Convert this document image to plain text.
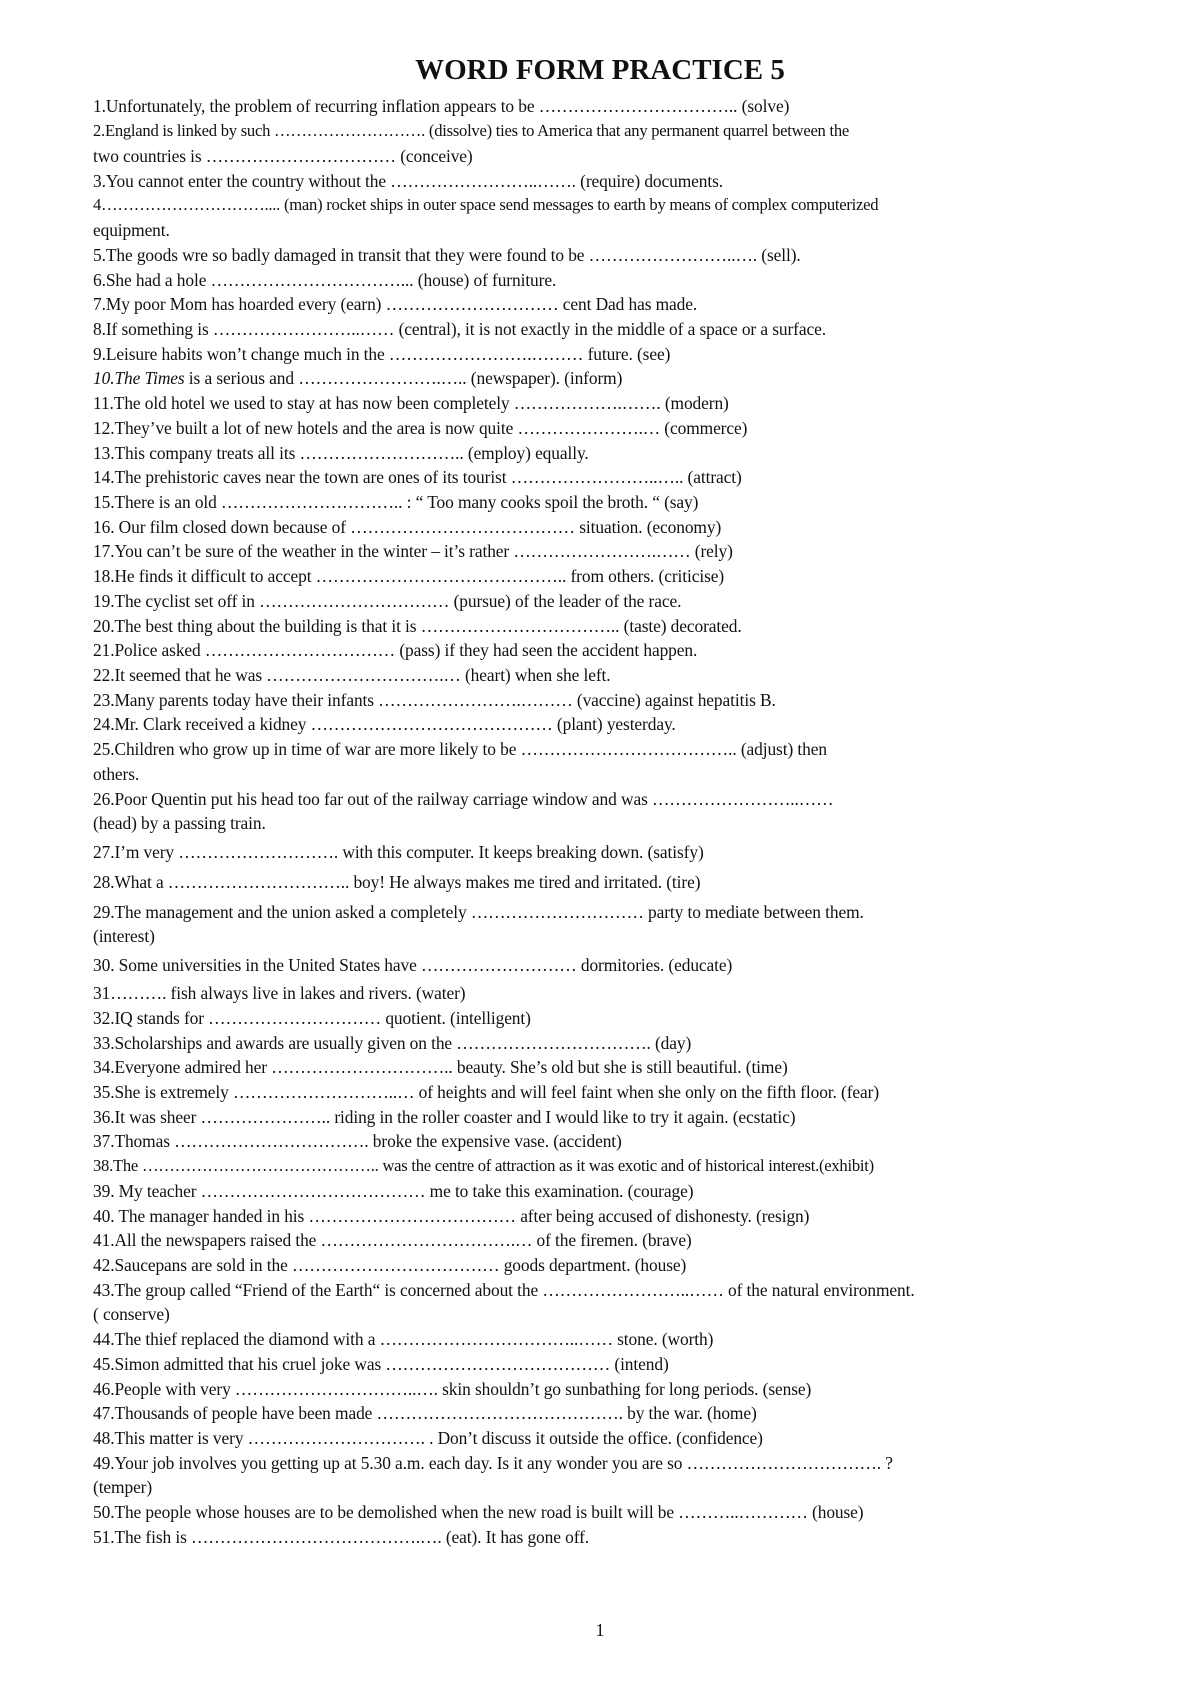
WORD FORM PRACTICE 5
1.Unfortunately, the problem of recurring inflation appears to be …………………………….. (solve)
2.England is linked by such ………………………. (dissolve) ties to America that any permanent quarrel between the
two countries is …………………………… (conceive)
3.You cannot enter the country without the ……………………..……. (require) documents.
4………………………….... (man) rocket ships in outer space send messages to earth by means of complex computerized
equipment.
5.The goods wre so badly damaged in transit that they were found to be ……………………..…. (sell).
6.She had a hole ……………………………... (house) of furniture.
7.My poor Mom has hoarded every (earn) ………………………… cent Dad has made.
8.If something is ……………………..…… (central), it is not exactly in the middle of a space or a surface.
9.Leisure habits won’t change much in the …………………….……… future. (see)
10.The Times is a serious and …………………….….. (newspaper). (inform)
11.The old hotel we used to stay at has now been completely ……………….……. (modern)
12.They’ve built a lot of new hotels and the area is now quite ………………….… (commerce)
13.This company treats all its ……………………….. (employ) equally.
14.The prehistoric caves near the town are ones of its tourist ……………………..….. (attract)
15.There is an old ………………………….. : “ Too many cooks spoil the broth. “ (say)
16. Our film closed down because of ………………………………… situation. (economy)
17.You can’t be sure of the weather in the winter – it’s rather …………………….…… (rely)
18.He finds it difficult to accept …………………………………….. from others. (criticise)
19.The cyclist set off in …………………………… (pursue) of the leader of the race.
20.The best thing about the building is that it is …………………………….. (taste) decorated.
21.Police asked …………………………… (pass) if they had seen the accident happen.
22.It seemed that he was ………………………….… (heart) when she left.
23.Many parents today have their infants …………………….……… (vaccine) against hepatitis B.
24.Mr. Clark received a kidney …………………………………… (plant) yesterday.
25.Children who grow up in time of war are more likely to be ……………………………….. (adjust) then
others.
26.Poor Quentin put his head too far out of the railway carriage window and was ……………………..……
(head) by a passing train.
27.I’m very ………………………. with this computer. It keeps breaking down. (satisfy)
28.What a ………………………….. boy! He always makes me tired and irritated. (tire)
29.The management and the union asked a completely ………………………… party to mediate between them.
(interest)
30. Some universities in the United States have ……………………… dormitories. (educate)
31………. fish always live in lakes and rivers. (water)
32.IQ stands for ………………………… quotient. (intelligent)
33.Scholarships and awards are usually given on the ……………………………. (day)
34.Everyone admired her ………………………….. beauty. She’s old but she is still beautiful. (time)
35.She is extremely ………………………..… of heights and will feel faint when she only on the fifth floor. (fear)
36.It was sheer ………………….. riding in the roller coaster and I would like to try it again. (ecstatic)
37.Thomas ……………………………. broke the expensive vase. (accident)
38.The …………………………………….. was the centre of attraction as it was exotic and of historical interest.(exhibit)
39. My teacher ………………………………… me to take this examination. (courage)
40. The manager handed in his ……………………………… after being accused of dishonesty. (resign)
41.All the newspapers raised the …………………………….… of the firemen. (brave)
42.Saucepans are sold in the ……………………………… goods department. (house)
43.The group called “Friend of the Earth“ is concerned about the ……………………..…… of the natural environment.
( conserve)
44.The thief replaced the diamond with a ……………………………..…… stone. (worth)
45.Simon admitted that his cruel joke was ………………………………… (intend)
46.People with very …………………………..…. skin shouldn’t go sunbathing for long periods. (sense)
47.Thousands of people have been made ……………………………………. by the war. (home)
48.This matter is very …………………………. . Don’t discuss it outside the office. (confidence)
49.Your job involves you getting up at 5.30 a.m. each day. Is it any wonder you are so ……………………………. ?
(temper)
50.The people whose houses are to be demolished when the new road is built will be ………..………… (house)
51.The fish is ………………………………….…. (eat). It has gone off.
1
